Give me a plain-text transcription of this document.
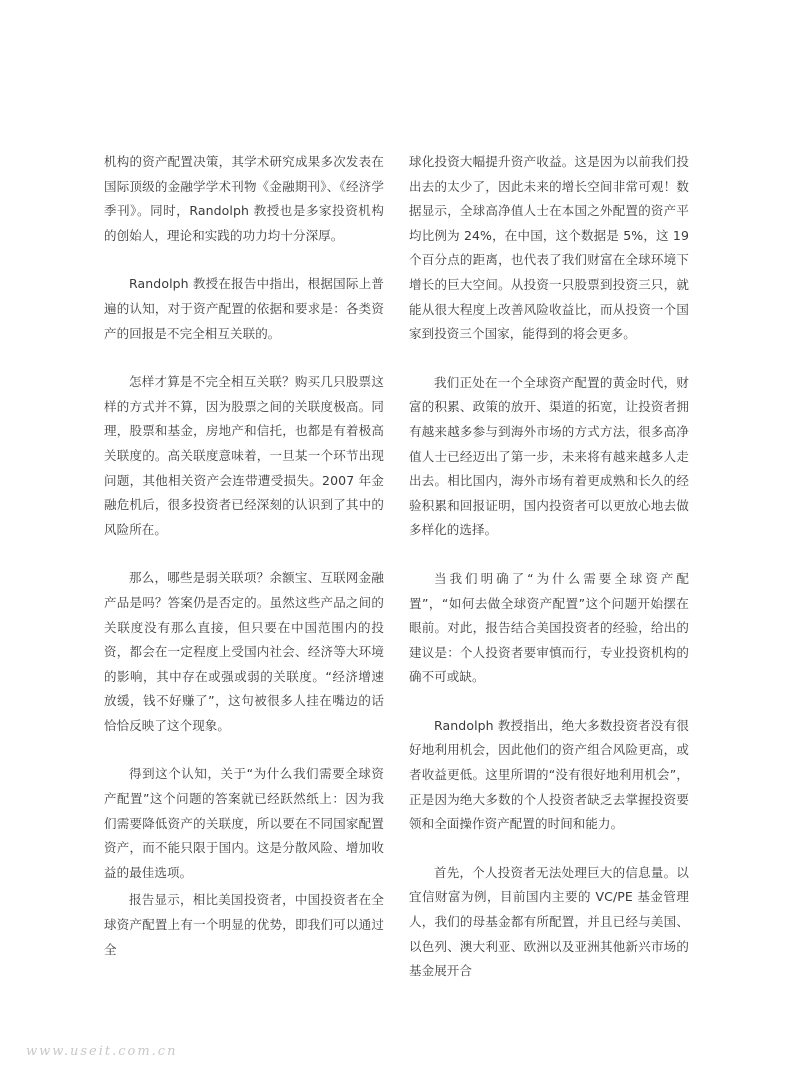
机构的资产配置决策，其学术研究成果多次发表在国际顶级的金融学学术刊物《金融期刊》、《经济学季刊》。同时，Randolph 教授也是多家投资机构的创始人，理论和实践的功力均十分深厚。

Randolph 教授在报告中指出，根据国际上普遍的认知，对于资产配置的依据和要求是：各类资产的回报是不完全相互关联的。

怎样才算是不完全相互关联？购买几只股票这样的方式并不算，因为股票之间的关联度极高。同理，股票和基金，房地产和信托，也都是有着极高关联度的。高关联度意味着，一旦某一个环节出现问题，其他相关资产会连带遭受损失。2007 年金融危机后，很多投资者已经深刻的认识到了其中的风险所在。

那么，哪些是弱关联项？余额宝、互联网金融产品是吗？答案仍是否定的。虽然这些产品之间的关联度没有那么直接，但只要在中国范围内的投资，都会在一定程度上受国内社会、经济等大环境的影响，其中存在或强或弱的关联度。“经济增速放缓，钱不好赚了”，这句被很多人挂在嘴边的话恰恰反映了这个现象。

得到这个认知，关于“为什么我们需要全球资产配置”这个问题的答案就已经跃然纸上：因为我们需要降低资产的关联度，所以要在不同国家配置资产，而不能只限于国内。这是分散风险、增加收益的最佳选项。

报告显示，相比美国投资者，中国投资者在全球资产配置上有一个明显的优势，即我们可以通过全

球化投资大幅提升资产收益。这是因为以前我们投出去的太少了，因此未来的增长空间非常可观！数据显示，全球高净值人士在本国之外配置的资产平均比例为 24%，在中国，这个数据是 5%，这 19 个百分点的距离，也代表了我们财富在全球环境下增长的巨大空间。从投资一只股票到投资三只，就能从很大程度上改善风险收益比，而从投资一个国家到投资三个国家，能得到的将会更多。

我们正处在一个全球资产配置的黄金时代，财富的积累、政策的放开、渠道的拓宽，让投资者拥有越来越多参与到海外市场的方式方法，很多高净值人士已经迈出了第一步，未来将有越来越多人走出去。相比国内，海外市场有着更成熟和长久的经验积累和回报证明，国内投资者可以更放心地去做多样化的选择。

当我们明确了“为什么需要全球资产配置”，“如何去做全球资产配置”这个问题开始摆在眼前。对此，报告结合美国投资者的经验，给出的建议是：个人投资者要审慎而行，专业投资机构的确不可或缺。

Randolph 教授指出，绝大多数投资者没有很好地利用机会，因此他们的资产组合风险更高，或者收益更低。这里所谓的“没有很好地利用机会”，正是因为绝大多数的个人投资者缺乏去掌握投资要领和全面操作资产配置的时间和能力。

首先，个人投资者无法处理巨大的信息量。以宜信财富为例，目前国内主要的 VC/PE 基金管理人，我们的母基金都有所配置，并且已经与美国、以色列、澳大利亚、欧洲以及亚洲其他新兴市场的基金展开合

www.useit.com.cn
